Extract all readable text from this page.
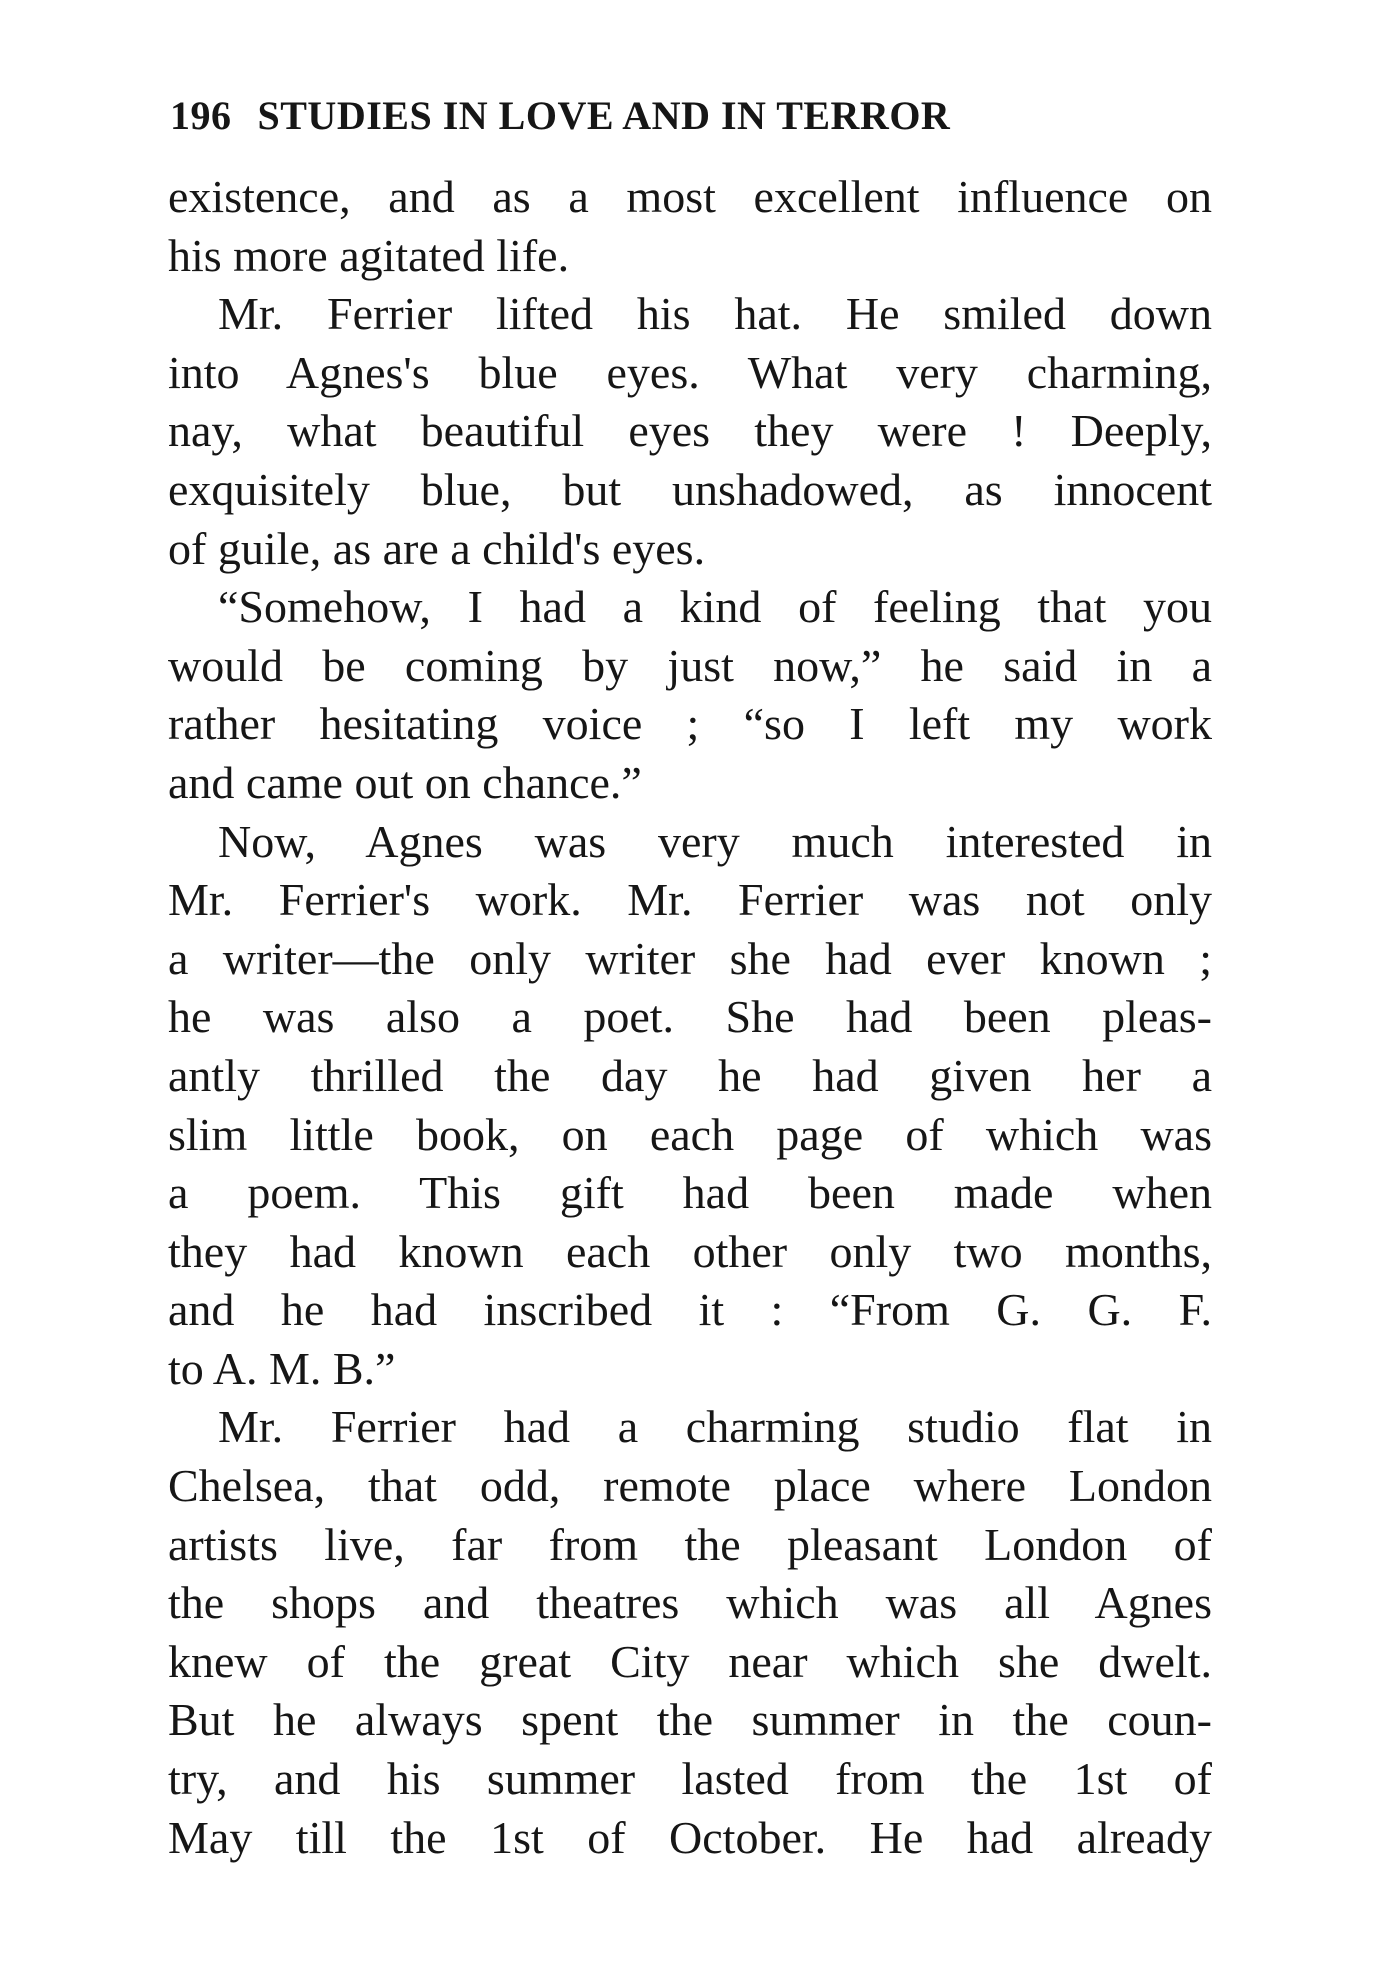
196 STUDIES IN LOVE AND IN TERROR
existence, and as a most excellent influence on
his more agitated life.
Mr. Ferrier lifted his hat. He smiled down
into Agnes's blue eyes. What very charming,
nay, what beautiful eyes they were ! Deeply,
exquisitely blue, but unshadowed, as innocent
of guile, as are a child's eyes.
“Somehow, I had a kind of feeling that you
would be coming by just now,” he said in a
rather hesitating voice ; “so I left my work
and came out on chance.”
Now, Agnes was very much interested in
Mr. Ferrier's work. Mr. Ferrier was not only
a writer—the only writer she had ever known ;
he was also a poet. She had been pleas-
antly thrilled the day he had given her a
slim little book, on each page of which was
a poem. This gift had been made when
they had known each other only two months,
and he had inscribed it : “From G. G. F.
to A. M. B.”
Mr. Ferrier had a charming studio flat in
Chelsea, that odd, remote place where London
artists live, far from the pleasant London of
the shops and theatres which was all Agnes
knew of the great City near which she dwelt.
But he always spent the summer in the coun-
try, and his summer lasted from the 1st of
May till the 1st of October. He had already
